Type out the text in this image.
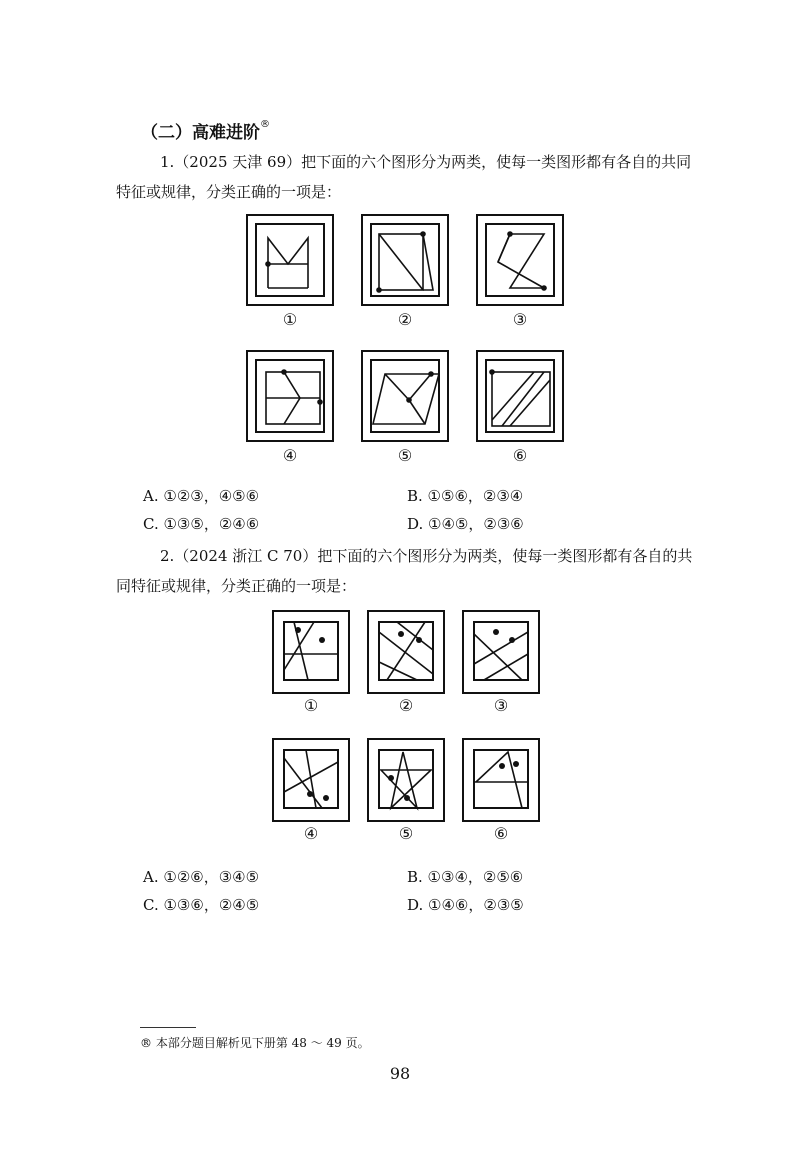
（二）高难进阶®
1.（2025 天津 69）把下面的六个图形分为两类，使每一类图形都有各自的共同
特征或规律，分类正确的一项是：
①	②	③
④	⑤	⑥
A. ①②③，④⑤⑥	B. ①⑤⑥，②③④
C. ①③⑤，②④⑥	D. ①④⑤，②③⑥
2.（2024 浙江 C 70）把下面的六个图形分为两类，使每一类图形都有各自的共
同特征或规律，分类正确的一项是：
①	②	③
④	⑤	⑥
A. ①②⑥，③④⑤	B. ①③④，②⑤⑥
C. ①③⑥，②④⑤	D. ①④⑥，②③⑤
® 本部分题目解析见下册第 48 ～ 49 页。
98
